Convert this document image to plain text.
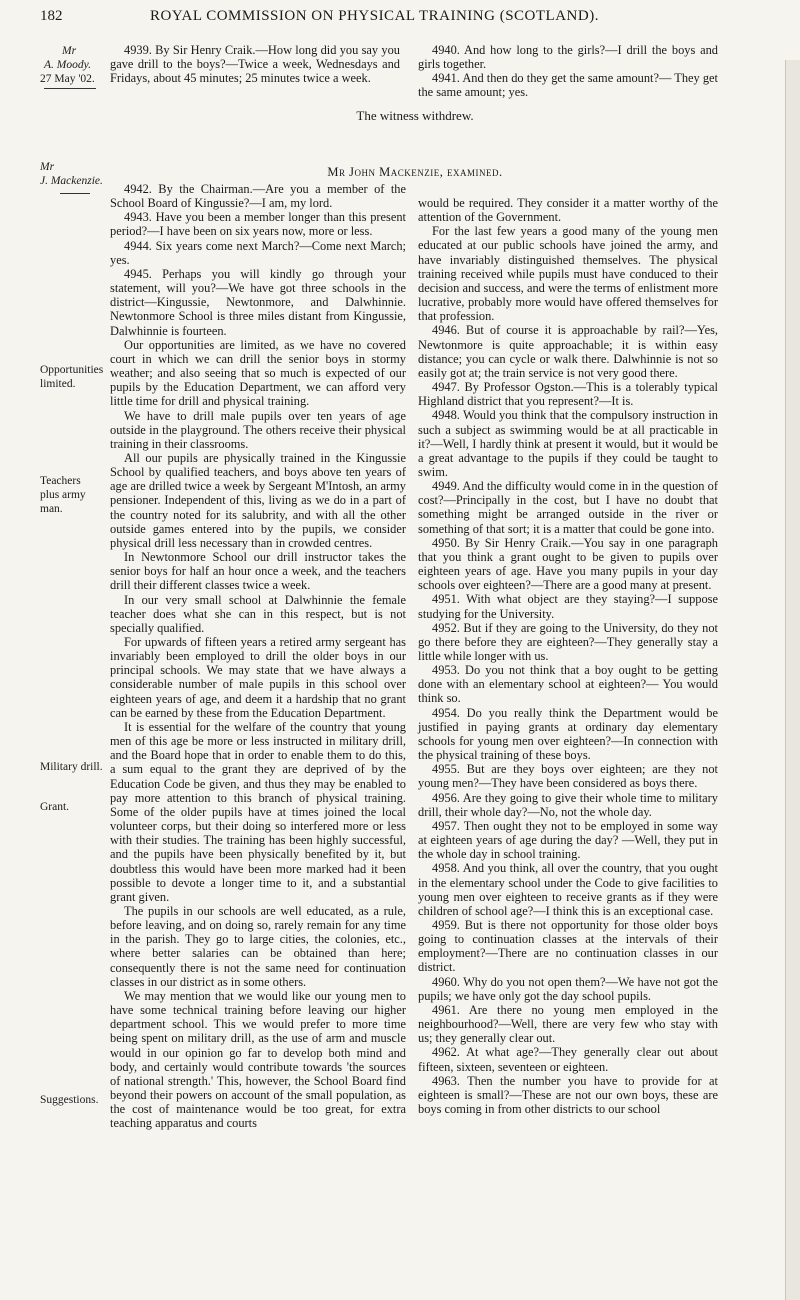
182	ROYAL COMMISSION ON PHYSICAL TRAINING (SCOTLAND).
Mr
A. Moody.
27 May '02.

4939. By Sir Henry Craik.—How long did you say you gave drill to the boys?—Twice a week, Wednesdays and Fridays, about 45 minutes; 25 minutes twice a week.

4940. And how long to the girls?—I drill the boys and girls together.

4941. And then do they get the same amount?— They get the same amount; yes.

The witness withdrew.
Mr
J. Mackenzie.
Mr John Mackenzie, examined.
Opportunities limited.
Teachers plus army man.
Military drill.
Grant.
Suggestions.

4942. By the Chairman.—Are you a member of the School Board of Kingussie?—I am, my lord.

4943. Have you been a member longer than this present period?—I have been on six years now, more or less.

4944. Six years come next March?—Come next March; yes.

4945. Perhaps you will kindly go through your statement, will you?—We have got three schools in the district—Kingussie, Newtonmore, and Dalwhinnie. Newtonmore School is three miles distant from Kingussie, Dalwhinnie is fourteen.

Our opportunities are limited, as we have no covered court in which we can drill the senior boys in stormy weather; and also seeing that so much is expected of our pupils by the Education Department, we can afford very little time for drill and physical training.

We have to drill male pupils over ten years of age outside in the playground. The others receive their physical training in their classrooms.

All our pupils are physically trained in the Kingussie School by qualified teachers, and boys above ten years of age are drilled twice a week by Sergeant M'Intosh, an army pensioner. Independent of this, living as we do in a part of the country noted for its salubrity, and with all the other outside games entered into by the pupils, we consider physical drill less necessary than in crowded centres.

In Newtonmore School our drill instructor takes the senior boys for half an hour once a week, and the teachers drill their different classes twice a week.

In our very small school at Dalwhinnie the female teacher does what she can in this respect, but is not specially qualified.

For upwards of fifteen years a retired army sergeant has invariably been employed to drill the older boys in our principal schools. We may state that we have always a considerable number of male pupils in this school over eighteen years of age, and deem it a hardship that no grant can be earned by these from the Education Department.

It is essential for the welfare of the country that young men of this age be more or less instructed in military drill, and the Board hope that in order to enable them to do this, a sum equal to the grant they are deprived of by the Education Code be given, and thus they may be enabled to pay more attention to this branch of physical training. Some of the older pupils have at times joined the local volunteer corps, but their doing so interfered more or less with their studies. The training has been highly successful, and the pupils have been physically benefited by it, but doubtless this would have been more marked had it been possible to devote a longer time to it, and a substantial grant given.

The pupils in our schools are well educated, as a rule, before leaving, and on doing so, rarely remain for any time in the parish. They go to large cities, the colonies, etc., where better salaries can be obtained than here; consequently there is not the same need for continuation classes in our district as in some others.

We may mention that we would like our young men to have some technical training before leaving our higher department school. This we would prefer to more time being spent on military drill, as the use of arm and muscle would in our opinion go far to develop both mind and body, and certainly would contribute towards 'the sources of national strength.' This, however, the School Board find beyond their powers on account of the small population, as the cost of maintenance would be too great, for extra teaching apparatus and courts

would be required. They consider it a matter worthy of the attention of the Government.

For the last few years a good many of the young men educated at our public schools have joined the army, and have invariably distinguished themselves. The physical training received while pupils must have conduced to their decision and success, and were the terms of enlistment more lucrative, probably more would have offered themselves for that profession.

4946. But of course it is approachable by rail?—Yes, Newtonmore is quite approachable; it is within easy distance; you can cycle or walk there. Dalwhinnie is not so easily got at; the train service is not very good there.

4947. By Professor Ogston.—This is a tolerably typical Highland district that you represent?—It is.

4948. Would you think that the compulsory instruction in such a subject as swimming would be at all practicable in it?—Well, I hardly think at present it would, but it would be a great advantage to the pupils if they could be taught to swim.

4949. And the difficulty would come in in the question of cost?—Principally in the cost, but I have no doubt that something might be arranged outside in the river or something of that sort; it is a matter that could be gone into.

4950. By Sir Henry Craik.—You say in one paragraph that you think a grant ought to be given to pupils over eighteen years of age. Have you many pupils in your day schools over eighteen?—There are a good many at present.

4951. With what object are they staying?—I suppose studying for the University.

4952. But if they are going to the University, do they not go there before they are eighteen?—They generally stay a little while longer with us.

4953. Do you not think that a boy ought to be getting done with an elementary school at eighteen?— You would think so.

4954. Do you really think the Department would be justified in paying grants at ordinary day elementary schools for young men over eighteen?—In connection with the physical training of these boys.

4955. But are they boys over eighteen; are they not young men?—They have been considered as boys there.

4956. Are they going to give their whole time to military drill, their whole day?—No, not the whole day.

4957. Then ought they not to be employed in some way at eighteen years of age during the day? —Well, they put in the whole day in school training.

4958. And you think, all over the country, that you ought in the elementary school under the Code to give facilities to young men over eighteen to receive grants as if they were children of school age?—I think this is an exceptional case.

4959. But is there not opportunity for those older boys going to continuation classes at the intervals of their employment?—There are no continuation classes in our district.

4960. Why do you not open them?—We have not got the pupils; we have only got the day school pupils.

4961. Are there no young men employed in the neighbourhood?—Well, there are very few who stay with us; they generally clear out.

4962. At what age?—They generally clear out about fifteen, sixteen, seventeen or eighteen.

4963. Then the number you have to provide for at eighteen is small?—These are not our own boys, these are boys coming in from other districts to our school
